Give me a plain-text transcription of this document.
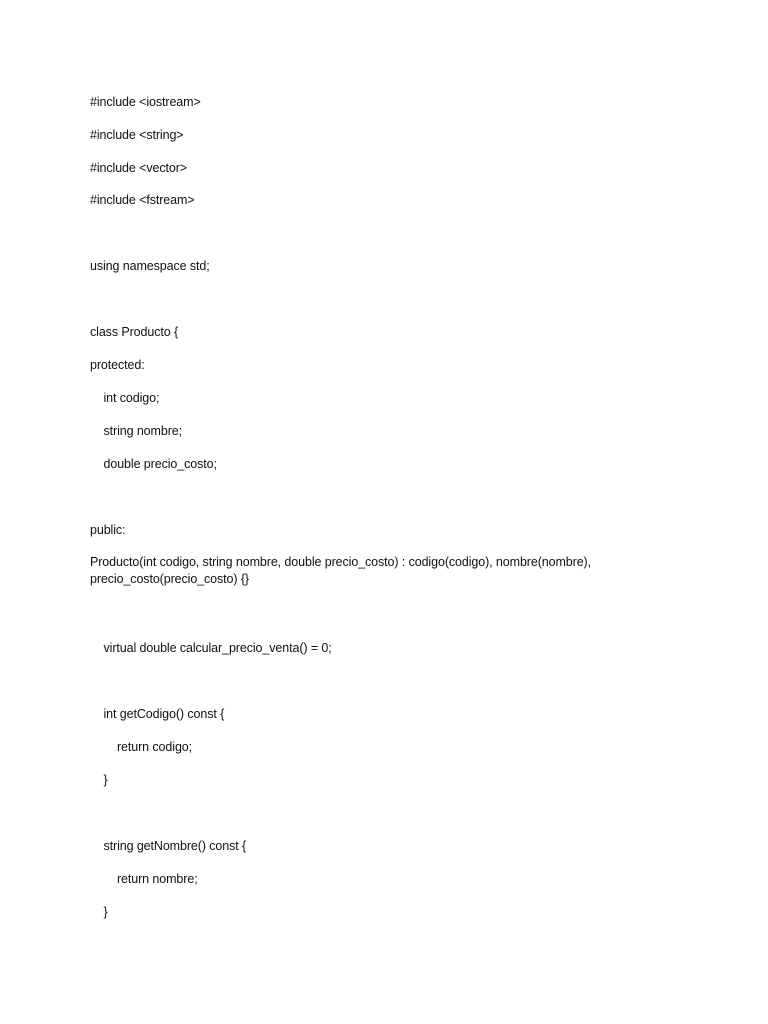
#include <iostream>
#include <string>
#include <vector>
#include <fstream>
using namespace std;
class Producto {
protected:
int codigo;
string nombre;
double precio_costo;
public:
Producto(int codigo, string nombre, double precio_costo) : codigo(codigo), nombre(nombre), precio_costo(precio_costo) {}
virtual double calcular_precio_venta() = 0;
int getCodigo() const {
return codigo;
}
string getNombre() const {
return nombre;
}
